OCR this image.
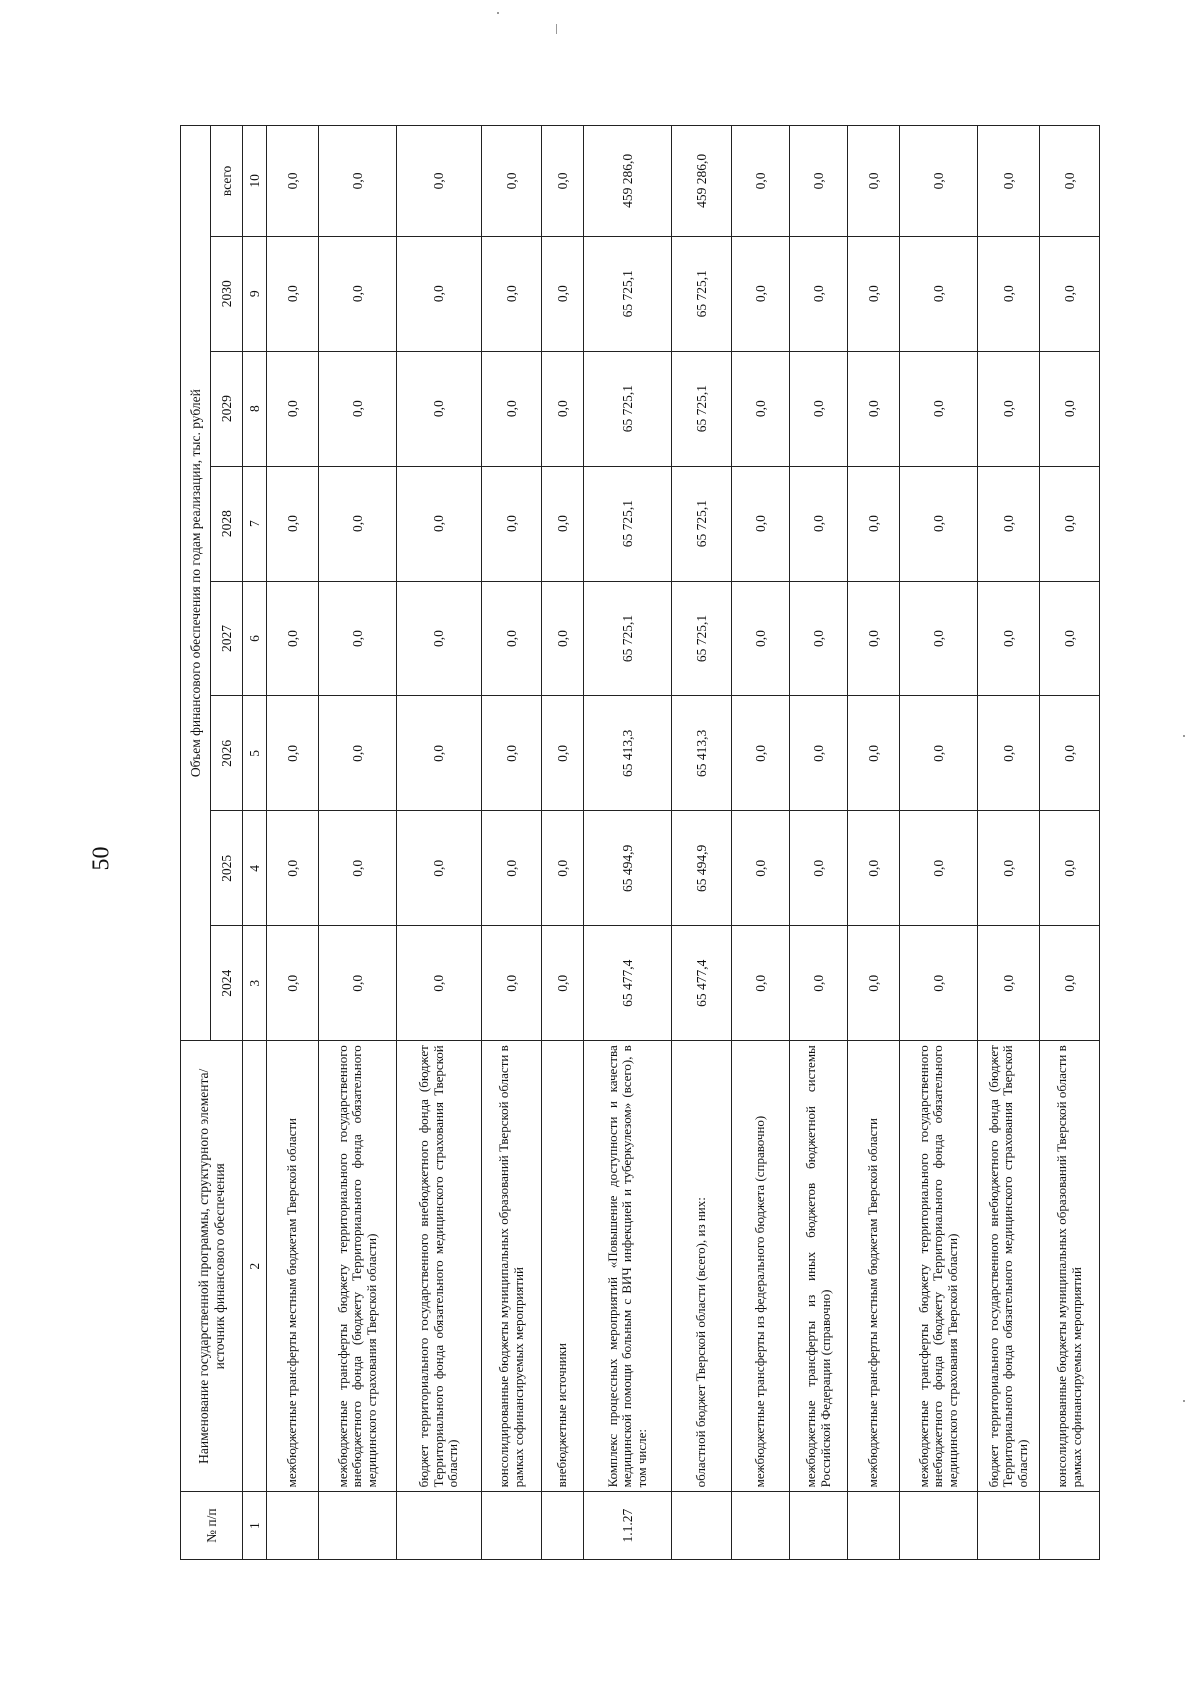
50
№ п/п	Наименование государственной программы, структурного элемента/источник финансового обеспечения	Объем финансового обеспечения по годам реализации, тыс. рублей							
		2024	2025	2026	2027	2028	2029	2030	всего
1	2	3	4	5	6	7	8	9	10
	межбюджетные трансферты местным бюджетам Тверской области	0,0	0,0	0,0	0,0	0,0	0,0	0,0	0,0
	межбюджетные трансферты бюджету территориального государственного внебюджетного фонда (бюджету Территориального фонда обязательного медицинского страхования Тверской области)	0,0	0,0	0,0	0,0	0,0	0,0	0,0	0,0
	бюджет территориального государственного внебюджетного фонда (бюджет Территориального фонда обязательного медицинского страхования Тверской области)	0,0	0,0	0,0	0,0	0,0	0,0	0,0	0,0
	консолидированные бюджеты муниципальных образований Тверской области в рамках софинансируемых мероприятий	0,0	0,0	0,0	0,0	0,0	0,0	0,0	0,0
	внебюджетные источники	0,0	0,0	0,0	0,0	0,0	0,0	0,0	0,0
1.1.27	Комплекс процессных мероприятий «Повышение доступности и качества медицинской помощи больным с ВИЧ инфекцией и туберкулезом» (всего), в том числе:	65 477,4	65 494,9	65 413,3	65 725,1	65 725,1	65 725,1	65 725,1	459 286,0
	областной бюджет Тверской области (всего), из них:	65 477,4	65 494,9	65 413,3	65 725,1	65 725,1	65 725,1	65 725,1	459 286,0
	межбюджетные трансферты из федерального бюджета (справочно)	0,0	0,0	0,0	0,0	0,0	0,0	0,0	0,0
	межбюджетные трансферты из иных бюджетов бюджетной системы Российской Федерации (справочно)	0,0	0,0	0,0	0,0	0,0	0,0	0,0	0,0
	межбюджетные трансферты местным бюджетам Тверской области	0,0	0,0	0,0	0,0	0,0	0,0	0,0	0,0
	межбюджетные трансферты бюджету территориального государственного внебюджетного фонда (бюджету Территориального фонда обязательного медицинского страхования Тверской области)	0,0	0,0	0,0	0,0	0,0	0,0	0,0	0,0
	бюджет территориального государственного внебюджетного фонда (бюджет Территориального фонда обязательного медицинского страхования Тверской области)	0,0	0,0	0,0	0,0	0,0	0,0	0,0	0,0
	консолидированные бюджеты муниципальных образований Тверской области в рамках софинансируемых мероприятий	0,0	0,0	0,0	0,0	0,0	0,0	0,0	0,0
